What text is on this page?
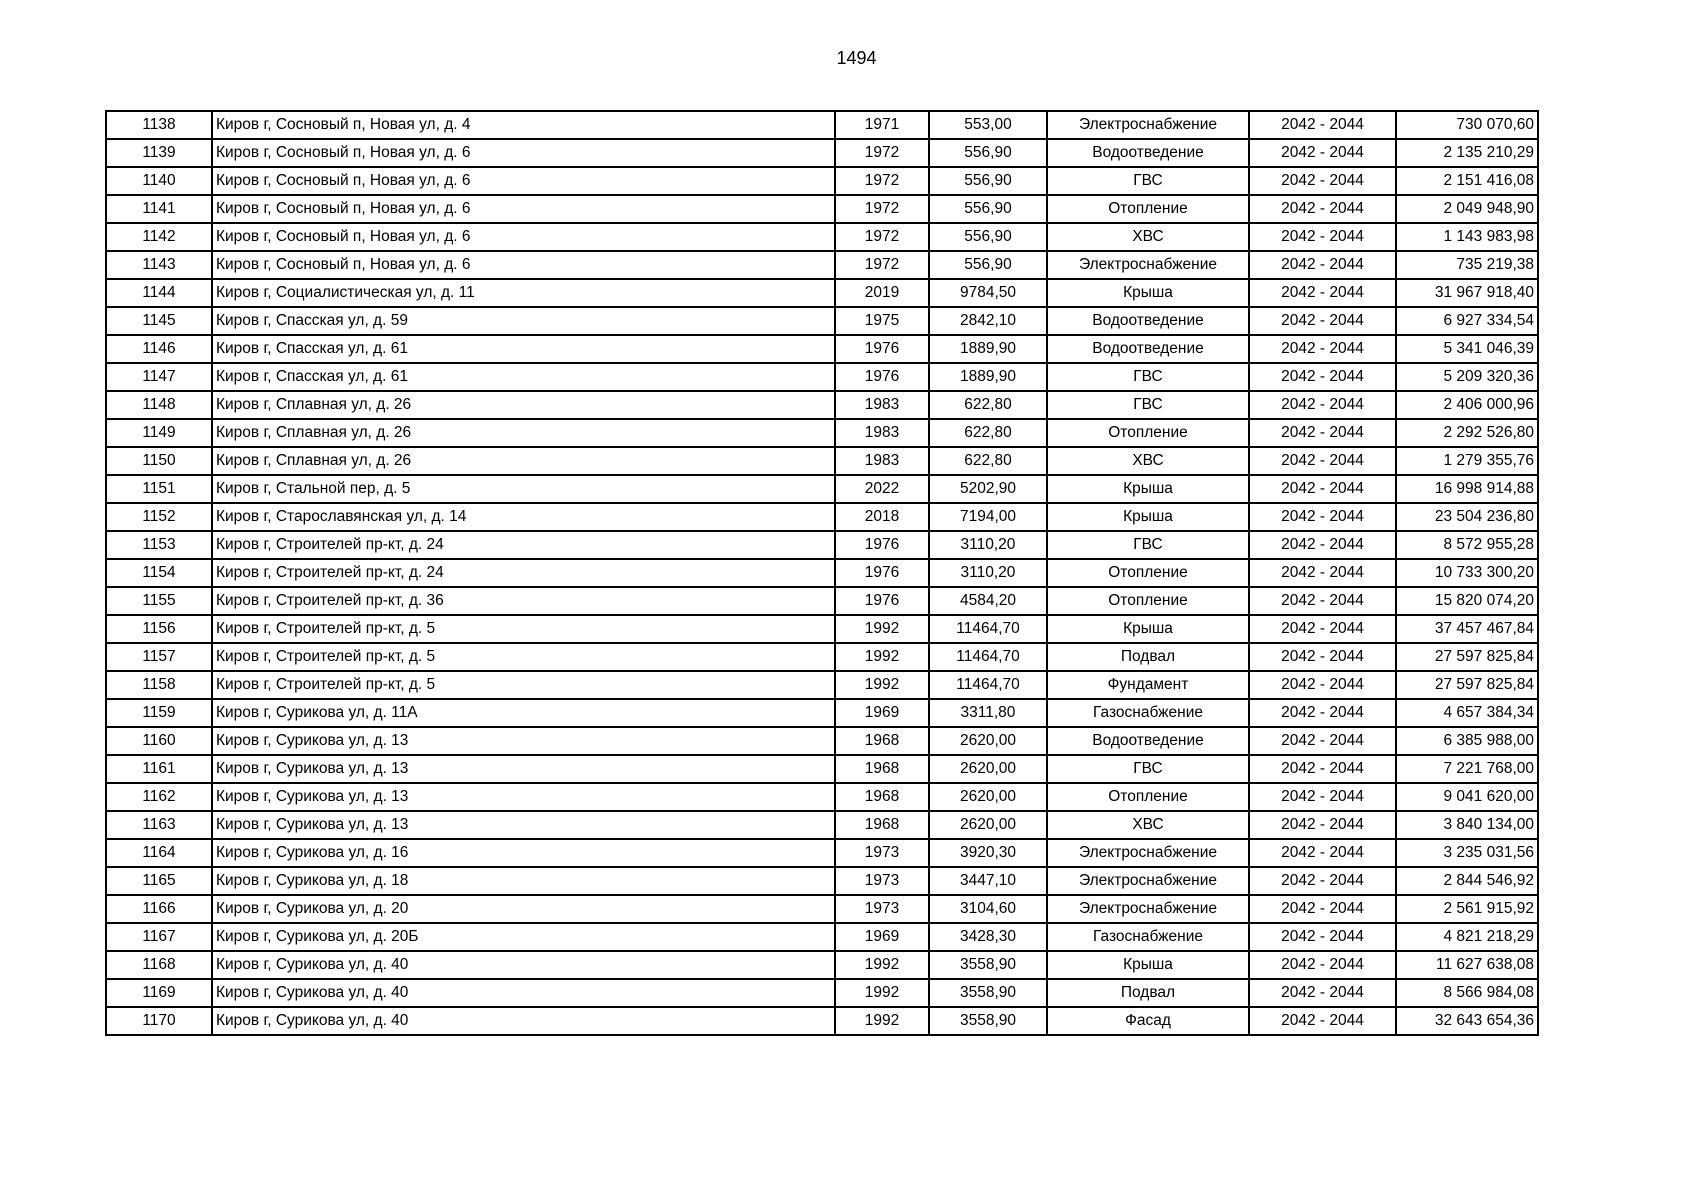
1494
1138	Киров г, Сосновый п, Новая ул, д. 4	1971	553,00	Электроснабжение	2042 - 2044	730 070,60
1139	Киров г, Сосновый п, Новая ул, д. 6	1972	556,90	Водоотведение	2042 - 2044	2 135 210,29
1140	Киров г, Сосновый п, Новая ул, д. 6	1972	556,90	ГВС	2042 - 2044	2 151 416,08
1141	Киров г, Сосновый п, Новая ул, д. 6	1972	556,90	Отопление	2042 - 2044	2 049 948,90
1142	Киров г, Сосновый п, Новая ул, д. 6	1972	556,90	ХВС	2042 - 2044	1 143 983,98
1143	Киров г, Сосновый п, Новая ул, д. 6	1972	556,90	Электроснабжение	2042 - 2044	735 219,38
1144	Киров г, Социалистическая ул, д. 11	2019	9784,50	Крыша	2042 - 2044	31 967 918,40
1145	Киров г, Спасская ул, д. 59	1975	2842,10	Водоотведение	2042 - 2044	6 927 334,54
1146	Киров г, Спасская ул, д. 61	1976	1889,90	Водоотведение	2042 - 2044	5 341 046,39
1147	Киров г, Спасская ул, д. 61	1976	1889,90	ГВС	2042 - 2044	5 209 320,36
1148	Киров г, Сплавная ул, д. 26	1983	622,80	ГВС	2042 - 2044	2 406 000,96
1149	Киров г, Сплавная ул, д. 26	1983	622,80	Отопление	2042 - 2044	2 292 526,80
1150	Киров г, Сплавная ул, д. 26	1983	622,80	ХВС	2042 - 2044	1 279 355,76
1151	Киров г, Стальной пер, д. 5	2022	5202,90	Крыша	2042 - 2044	16 998 914,88
1152	Киров г, Старославянская ул, д. 14	2018	7194,00	Крыша	2042 - 2044	23 504 236,80
1153	Киров г, Строителей пр-кт, д. 24	1976	3110,20	ГВС	2042 - 2044	8 572 955,28
1154	Киров г, Строителей пр-кт, д. 24	1976	3110,20	Отопление	2042 - 2044	10 733 300,20
1155	Киров г, Строителей пр-кт, д. 36	1976	4584,20	Отопление	2042 - 2044	15 820 074,20
1156	Киров г, Строителей пр-кт, д. 5	1992	11464,70	Крыша	2042 - 2044	37 457 467,84
1157	Киров г, Строителей пр-кт, д. 5	1992	11464,70	Подвал	2042 - 2044	27 597 825,84
1158	Киров г, Строителей пр-кт, д. 5	1992	11464,70	Фундамент	2042 - 2044	27 597 825,84
1159	Киров г, Сурикова ул, д. 11А	1969	3311,80	Газоснабжение	2042 - 2044	4 657 384,34
1160	Киров г, Сурикова ул, д. 13	1968	2620,00	Водоотведение	2042 - 2044	6 385 988,00
1161	Киров г, Сурикова ул, д. 13	1968	2620,00	ГВС	2042 - 2044	7 221 768,00
1162	Киров г, Сурикова ул, д. 13	1968	2620,00	Отопление	2042 - 2044	9 041 620,00
1163	Киров г, Сурикова ул, д. 13	1968	2620,00	ХВС	2042 - 2044	3 840 134,00
1164	Киров г, Сурикова ул, д. 16	1973	3920,30	Электроснабжение	2042 - 2044	3 235 031,56
1165	Киров г, Сурикова ул, д. 18	1973	3447,10	Электроснабжение	2042 - 2044	2 844 546,92
1166	Киров г, Сурикова ул, д. 20	1973	3104,60	Электроснабжение	2042 - 2044	2 561 915,92
1167	Киров г, Сурикова ул, д. 20Б	1969	3428,30	Газоснабжение	2042 - 2044	4 821 218,29
1168	Киров г, Сурикова ул, д. 40	1992	3558,90	Крыша	2042 - 2044	11 627 638,08
1169	Киров г, Сурикова ул, д. 40	1992	3558,90	Подвал	2042 - 2044	8 566 984,08
1170	Киров г, Сурикова ул, д. 40	1992	3558,90	Фасад	2042 - 2044	32 643 654,36
